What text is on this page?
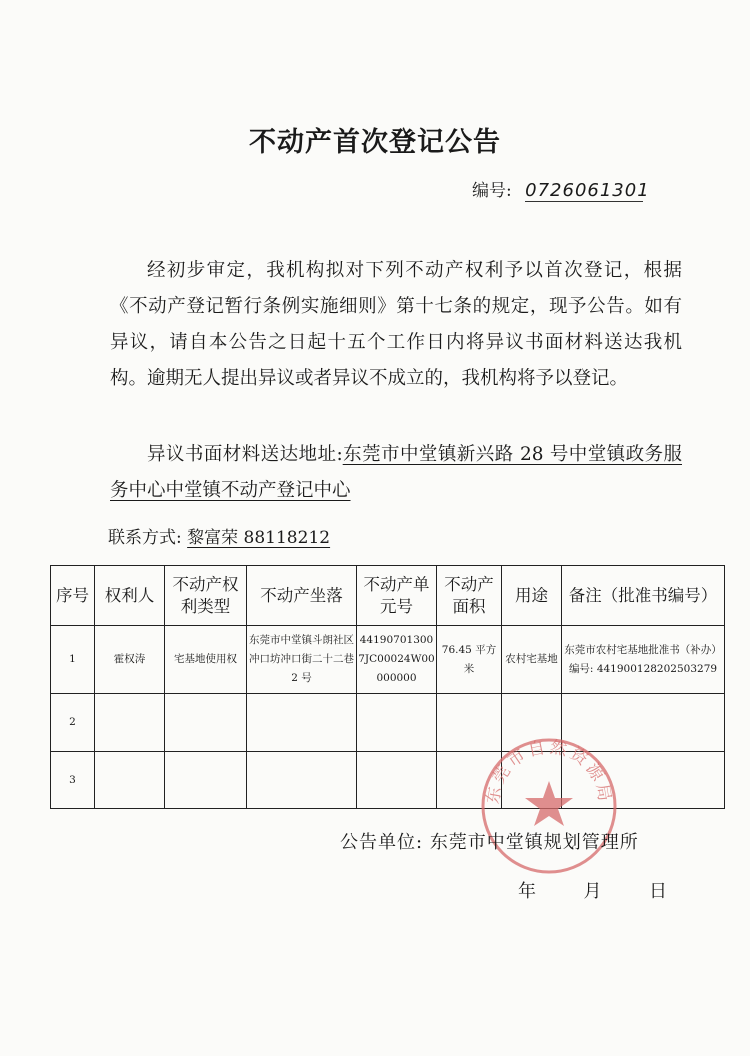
不动产首次登记公告
编号: 0726061301
经初步审定，我机构拟对下列不动产权利予以首次登记，根据《不动产登记暂行条例实施细则》第十七条的规定，现予公告。如有异议，请自本公告之日起十五个工作日内将异议书面材料送达我机构。逾期无人提出异议或者异议不成立的，我机构将予以登记。
异议书面材料送达地址:东莞市中堂镇新兴路 28 号中堂镇政务服务中心中堂镇不动产登记中心
联系方式: 黎富荣 88118212
序号	权利人	不动产权利类型	不动产坐落	不动产单元号	不动产面积	用途	备注（批准书编号）
1	霍权涛	宅基地使用权	东莞市中堂镇斗朗社区冲口坊冲口街二十二巷 2 号	441907013007JC00024W00000000	76.45 平方米	农村宅基地	东莞市农村宅基地批准书（补办）编号: 441900128202503279
2							
3							
东莞市自然资源局
公告单位: 东莞市中堂镇规划管理所
年	月	日
